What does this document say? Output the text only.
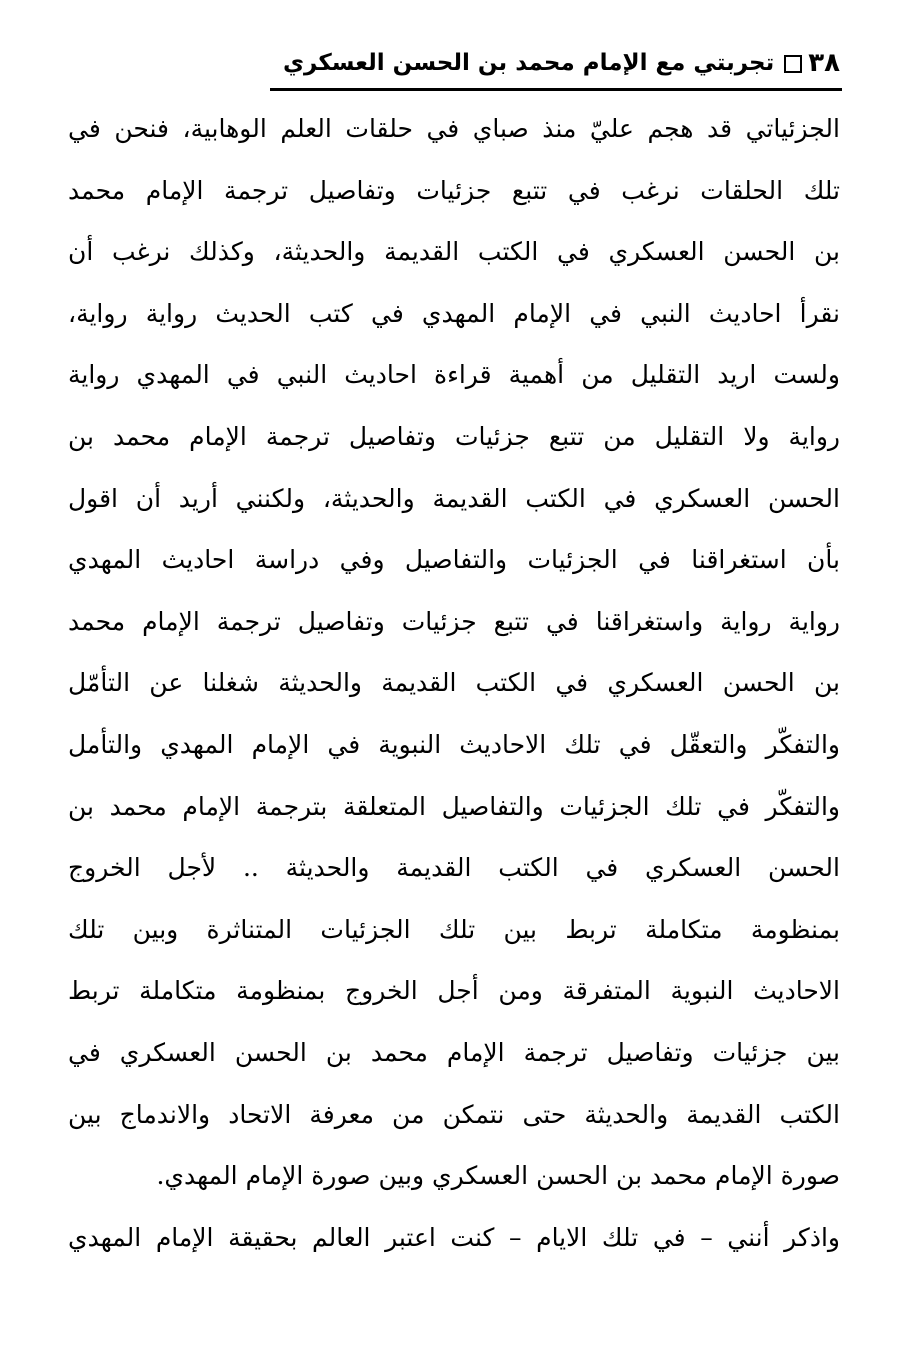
٣٨
تجربتي مع الإمام محمد بن الحسن العسكري
الجزئياتي قد هجم عليّ منذ صباي في حلقات العلم الوهابية، فنحن في
تلك الحلقات نرغب في تتبع جزئيات وتفاصيل ترجمة الإمام محمد
بن الحسن العسكري في الكتب القديمة والحديثة، وكذلك نرغب أن
نقرأ احاديث النبي في الإمام المهدي في كتب الحديث رواية رواية،
ولست اريد التقليل من أهمية قراءة احاديث النبي في المهدي رواية
رواية ولا التقليل من تتبع جزئيات وتفاصيل ترجمة الإمام محمد بن
الحسن العسكري في الكتب القديمة والحديثة، ولكنني أريد أن اقول
بأن استغراقنا في الجزئيات والتفاصيل وفي دراسة احاديث المهدي
رواية رواية واستغراقنا في تتبع جزئيات وتفاصيل ترجمة الإمام محمد
بن الحسن العسكري في الكتب القديمة والحديثة شغلنا عن التأمّل
والتفكّر والتعقّل في تلك الاحاديث النبوية في الإمام المهدي والتأمل
والتفكّر في تلك الجزئيات والتفاصيل المتعلقة بترجمة الإمام محمد بن
الحسن العسكري في الكتب القديمة والحديثة .. لأجل الخروج
بمنظومة متكاملة تربط بين تلك الجزئيات المتناثرة وبين تلك
الاحاديث النبوية المتفرقة ومن أجل الخروج بمنظومة متكاملة تربط
بين جزئيات وتفاصيل ترجمة الإمام محمد بن الحسن العسكري في
الكتب القديمة والحديثة حتى نتمكن من معرفة الاتحاد والاندماج بين
صورة الإمام محمد بن الحسن العسكري وبين صورة الإمام المهدي.
واذكر أنني – في تلك الايام – كنت اعتبر العالم بحقيقة الإمام المهدي
